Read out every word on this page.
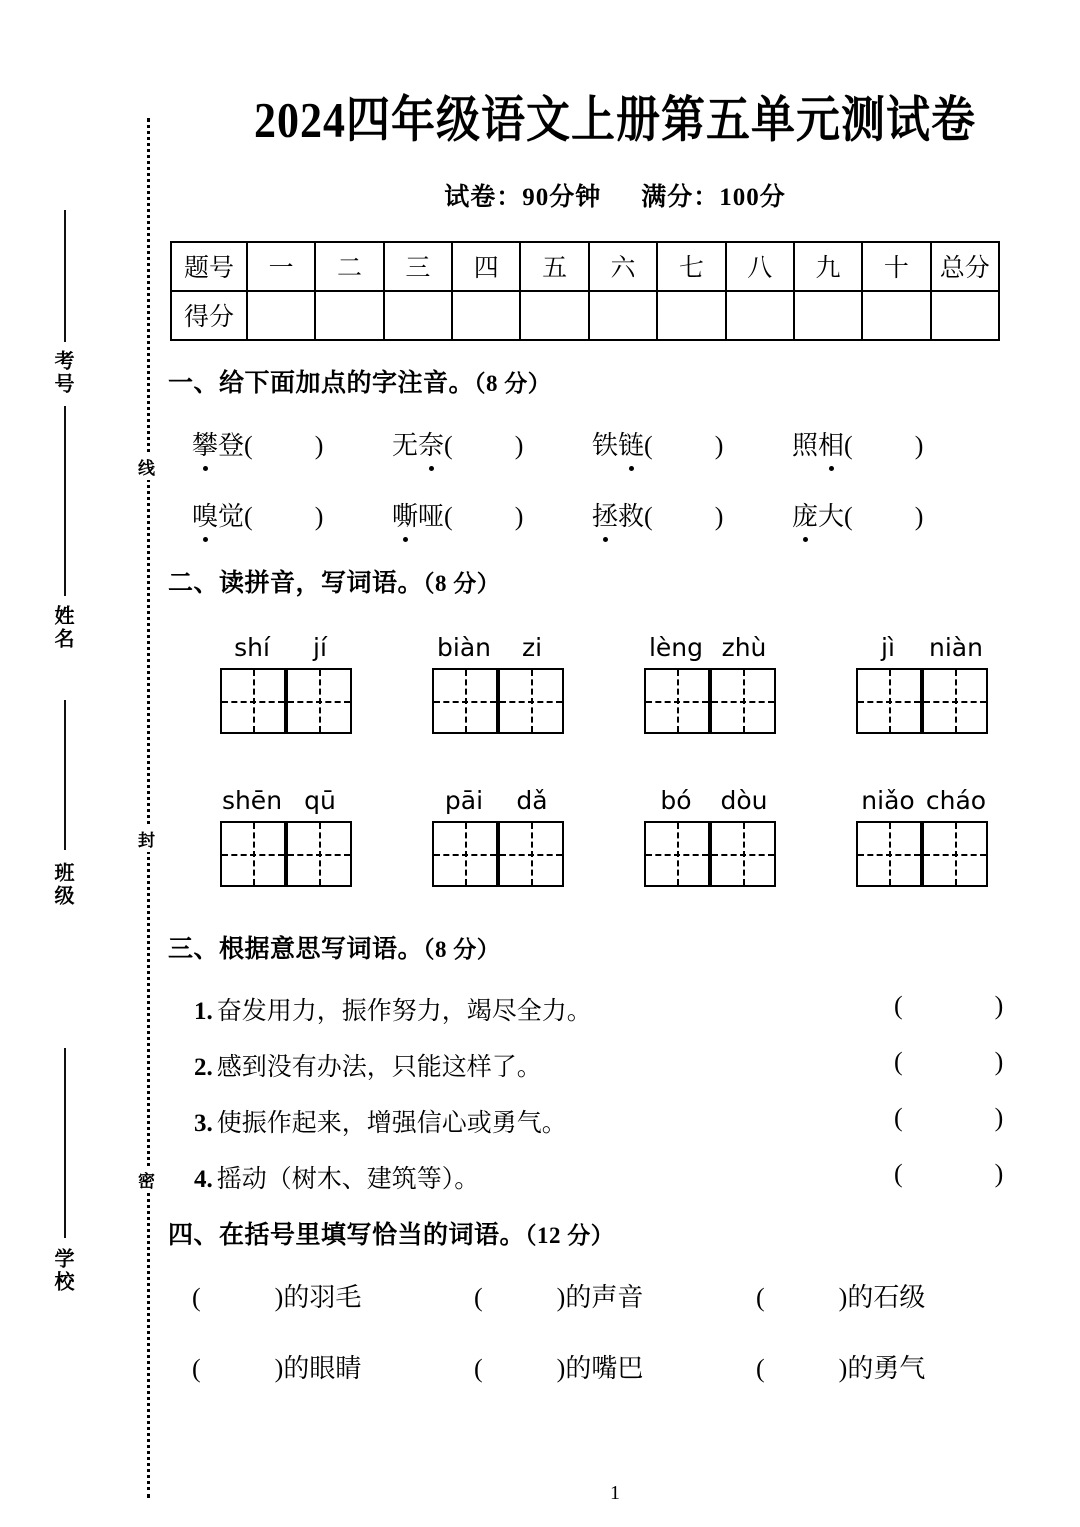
考号
姓名
班级
学校
线
封
密
2024四年级语文上册第五单元测试卷
试卷：90分钟 满分：100分
题号	一	二	三	四	五	六	七	八	九	十	总分
得分											
一、给下面加点的字注音。（8 分）
攀登( )	无奈( )	铁链( )	照相( )
嗅觉( )	嘶哑( )	拯救( )	庞大( )
二、读拼音，写词语。（8 分）
shí	jí	biàn	zi	lèng zhù	jì	niàn
shēn qū	pāi	dǎ	bó	dòu	niǎo cháo
三、根据意思写词语。（8 分）
1. 奋发用力，振作努力，竭尽全力。	(	)
2. 感到没有办法，只能这样了。	(	)
3. 使振作起来，增强信心或勇气。	(	)
4. 摇动（树木、建筑等）。	(	)
四、在括号里填写恰当的词语。（12 分）
(	)的羽毛	(	)的声音	(	)的石级
(	)的眼睛	(	)的嘴巴	(	)的勇气
1
